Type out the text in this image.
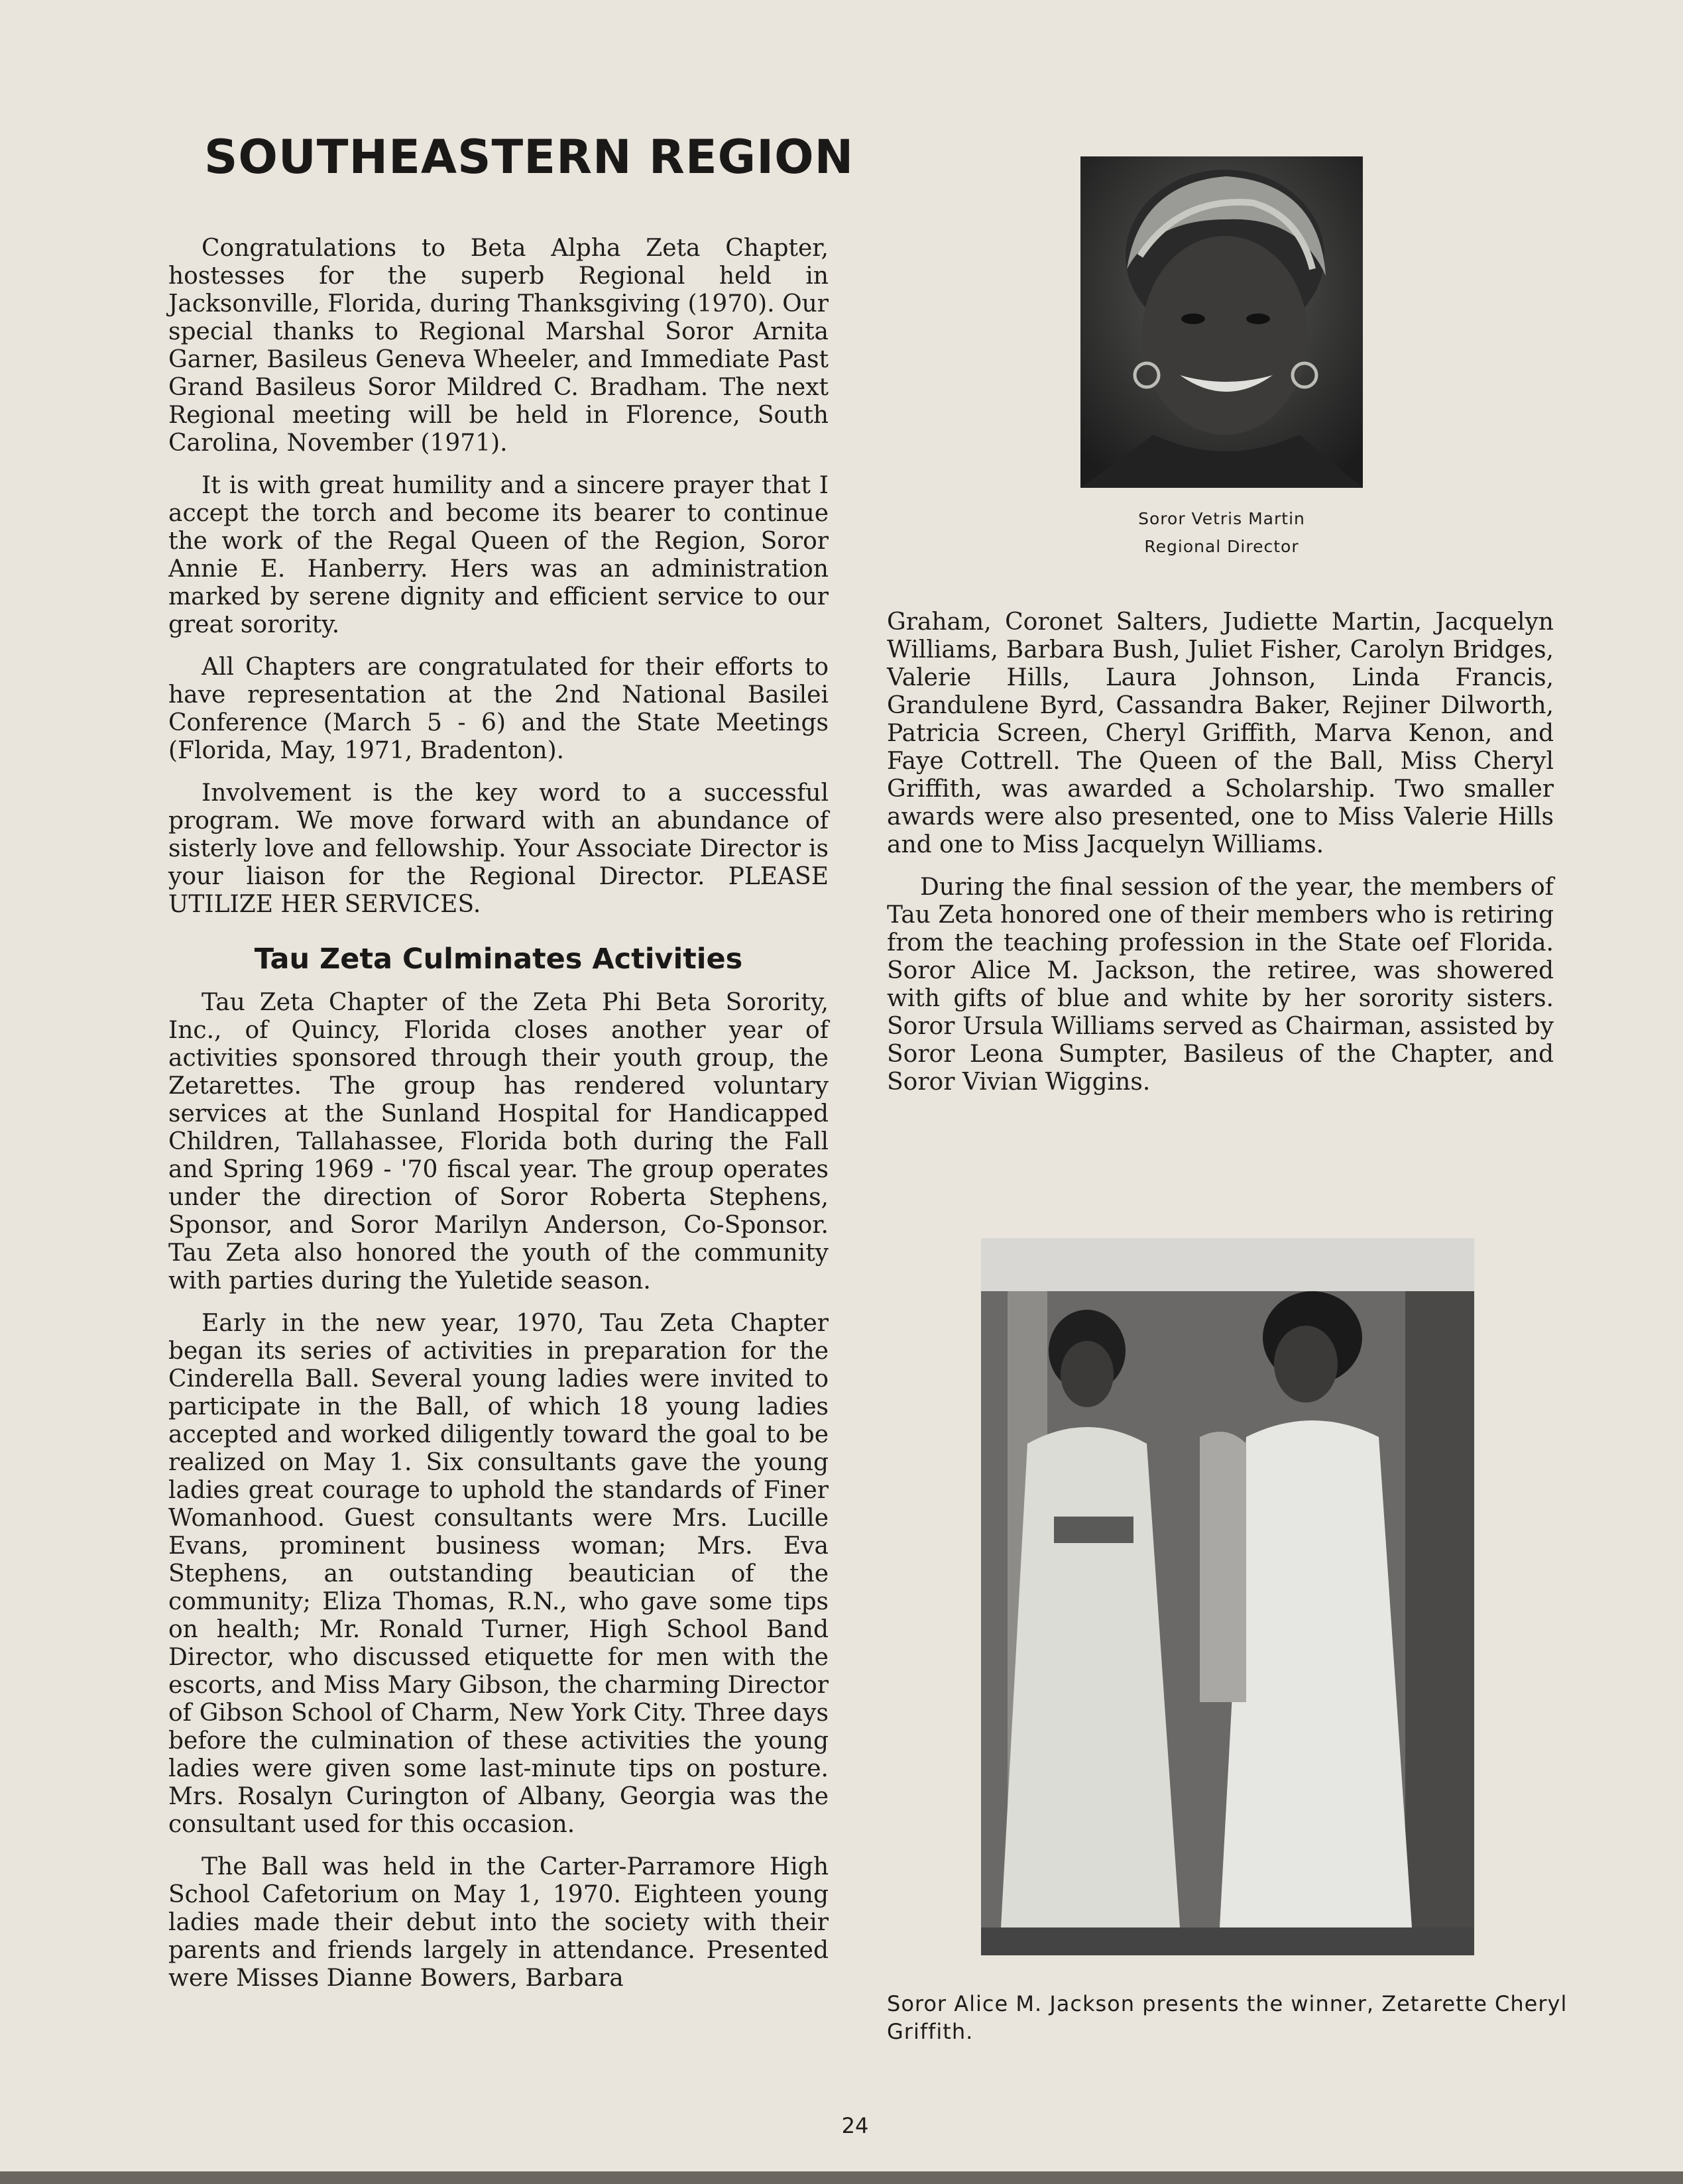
SOUTHEASTERN REGION

Congratulations to Beta Alpha Zeta Chapter, hostesses for the superb Regional held in Jacksonville, Florida, during Thanksgiving (1970). Our special thanks to Regional Marshal Soror Arnita Garner, Basileus Geneva Wheeler, and Immediate Past Grand Basileus Soror Mildred C. Bradham. The next Regional meeting will be held in Florence, South Carolina, November (1971).

It is with great humility and a sincere prayer that I accept the torch and become its bearer to continue the work of the Regal Queen of the Region, Soror Annie E. Hanberry. Hers was an administration marked by serene dignity and efficient service to our great sorority.

All Chapters are congratulated for their efforts to have representation at the 2nd National Basilei Conference (March 5 - 6) and the State Meetings (Florida, May, 1971, Bradenton).

Involvement is the key word to a successful program. We move forward with an abundance of sisterly love and fellowship. Your Associate Director is your liaison for the Regional Director. PLEASE UTILIZE HER SERVICES.

Tau Zeta Culminates Activities

Tau Zeta Chapter of the Zeta Phi Beta Sorority, Inc., of Quincy, Florida closes another year of activities sponsored through their youth group, the Zetarettes. The group has rendered voluntary services at the Sunland Hospital for Handicapped Children, Tallahassee, Florida both during the Fall and Spring 1969 - '70 fiscal year. The group operates under the direction of Soror Roberta Stephens, Sponsor, and Soror Marilyn Anderson, Co-Sponsor. Tau Zeta also honored the youth of the community with parties during the Yuletide season.

Early in the new year, 1970, Tau Zeta Chapter began its series of activities in preparation for the Cinderella Ball. Several young ladies were invited to participate in the Ball, of which 18 young ladies accepted and worked diligently toward the goal to be realized on May 1. Six consultants gave the young ladies great courage to uphold the standards of Finer Womanhood. Guest consultants were Mrs. Lucille Evans, prominent business woman; Mrs. Eva Stephens, an outstanding beautician of the community; Eliza Thomas, R.N., who gave some tips on health; Mr. Ronald Turner, High School Band Director, who discussed etiquette for men with the escorts, and Miss Mary Gibson, the charming Director of Gibson School of Charm, New York City. Three days before the culmination of these activities the young ladies were given some last-minute tips on posture. Mrs. Rosalyn Curington of Albany, Georgia was the consultant used for this occasion.

The Ball was held in the Carter-Parramore High School Cafetorium on May 1, 1970. Eighteen young ladies made their debut into the society with their parents and friends largely in attendance. Presented were Misses Dianne Bowers, Barbara

Soror Vetris Martin

Regional Director

Graham, Coronet Salters, Judiette Martin, Jacquelyn Williams, Barbara Bush, Juliet Fisher, Carolyn Bridges, Valerie Hills, Laura Johnson, Linda Francis, Grandulene Byrd, Cassandra Baker, Rejiner Dilworth, Patricia Screen, Cheryl Griffith, Marva Kenon, and Faye Cottrell. The Queen of the Ball, Miss Cheryl Griffith, was awarded a Scholarship. Two smaller awards were also presented, one to Miss Valerie Hills and one to Miss Jacquelyn Williams.

During the final session of the year, the members of Tau Zeta honored one of their members who is retiring from the teaching profession in the State oef Florida. Soror Alice M. Jackson, the retiree, was showered with gifts of blue and white by her sorority sisters. Soror Ursula Williams served as Chairman, assisted by Soror Leona Sumpter, Basileus of the Chapter, and Soror Vivian Wiggins.

Soror Alice M. Jackson presents the winner, Zetarette Cheryl Griffith.

24
